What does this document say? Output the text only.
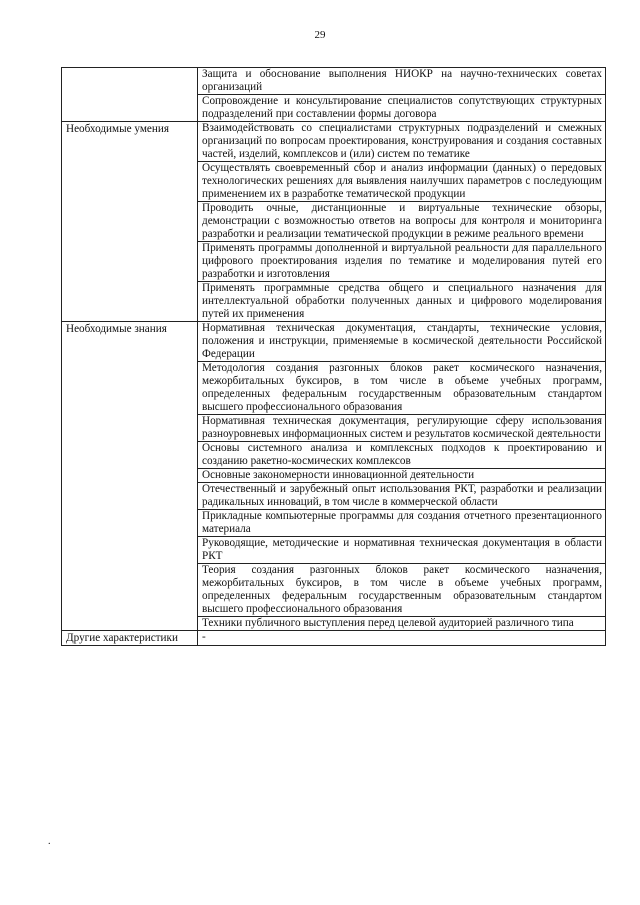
29
	Защита и обоснование выполнения НИОКР на научно-технических советах организаций
	Сопровождение и консультирование специалистов сопутствующих структурных подразделений при составлении формы договора
Необходимые умения	Взаимодействовать со специалистами структурных подразделений и смежных организаций по вопросам проектирования, конструирования и создания составных частей, изделий, комплексов и (или) систем по тематике
	Осуществлять своевременный сбор и анализ информации (данных) о передовых технологических решениях для выявления наилучших параметров с последующим применением их в разработке тематической продукции
	Проводить очные, дистанционные и виртуальные технические обзоры, демонстрации с возможностью ответов на вопросы для контроля и мониторинга разработки и реализации тематической продукции в режиме реального времени
	Применять программы дополненной и виртуальной реальности для параллельного цифрового проектирования изделия по тематике и моделирования путей его разработки и изготовления
	Применять программные средства общего и специального назначения для интеллектуальной обработки полученных данных и цифрового моделирования путей их применения
Необходимые знания	Нормативная техническая документация, стандарты, технические условия, положения и инструкции, применяемые в космической деятельности Российской Федерации
	Методология создания разгонных блоков ракет космического назначения, межорбитальных буксиров, в том числе в объеме учебных программ, определенных федеральным государственным образовательным стандартом высшего профессионального образования
	Нормативная техническая документация, регулирующие сферу использования разноуровневых информационных систем и результатов космической деятельности
	Основы системного анализа и комплексных подходов к проектированию и созданию ракетно-космических комплексов
	Основные закономерности инновационной деятельности
	Отечественный и зарубежный опыт использования РКТ, разработки и реализации радикальных инноваций, в том числе в коммерческой области
	Прикладные компьютерные программы для создания отчетного презентационного материала
	Руководящие, методические и нормативная техническая документация в области РКТ
	Теория создания разгонных блоков ракет космического назначения, межорбитальных буксиров, в том числе в объеме учебных программ, определенных федеральным государственным образовательным стандартом высшего профессионального образования
	Техники публичного выступления перед целевой аудиторией различного типа
Другие характеристики	-
.
